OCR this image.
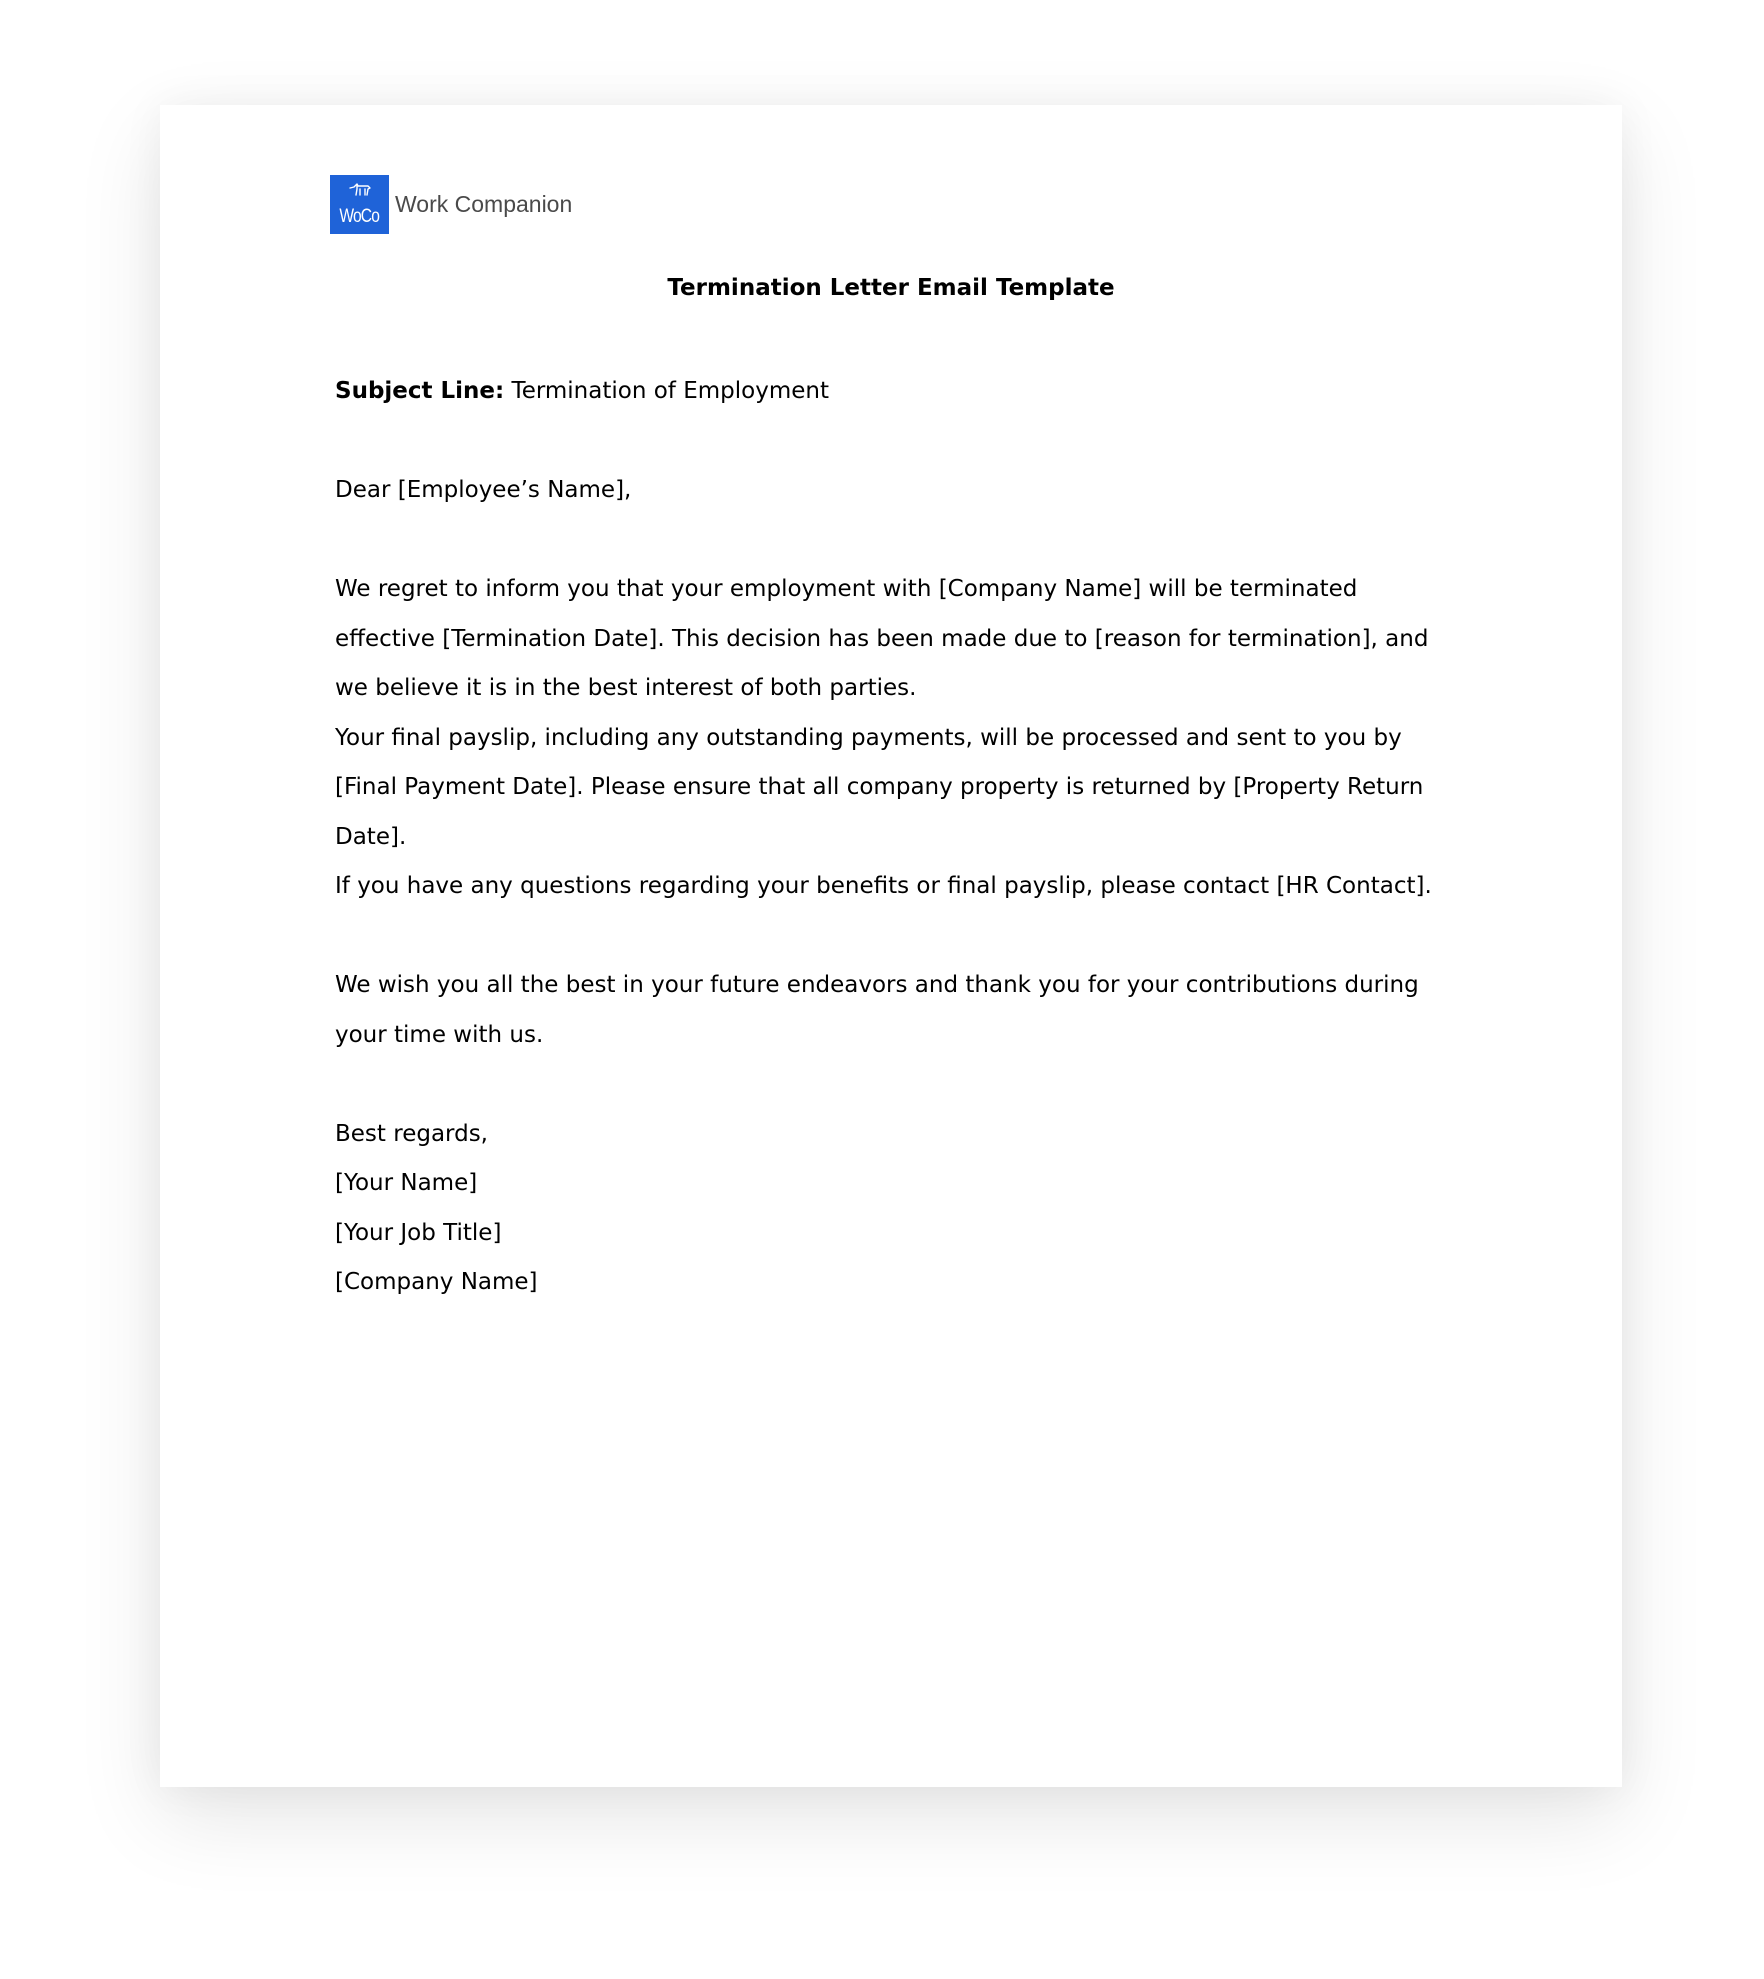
WoCo Work Companion
Termination Letter Email Template

Subject Line: Termination of Employment

Dear [Employee’s Name],

We regret to inform you that your employment with [Company Name] will be terminated effective [Termination Date]. This decision has been made due to [reason for termination], and we believe it is in the best interest of both parties.

Your final payslip, including any outstanding payments, will be processed and sent to you by [Final Payment Date]. Please ensure that all company property is returned by [Property Return Date].

If you have any questions regarding your benefits or final payslip, please contact [HR Contact].

We wish you all the best in your future endeavors and thank you for your contributions during your time with us.

Best regards,

[Your Name]

[Your Job Title]

[Company Name]
